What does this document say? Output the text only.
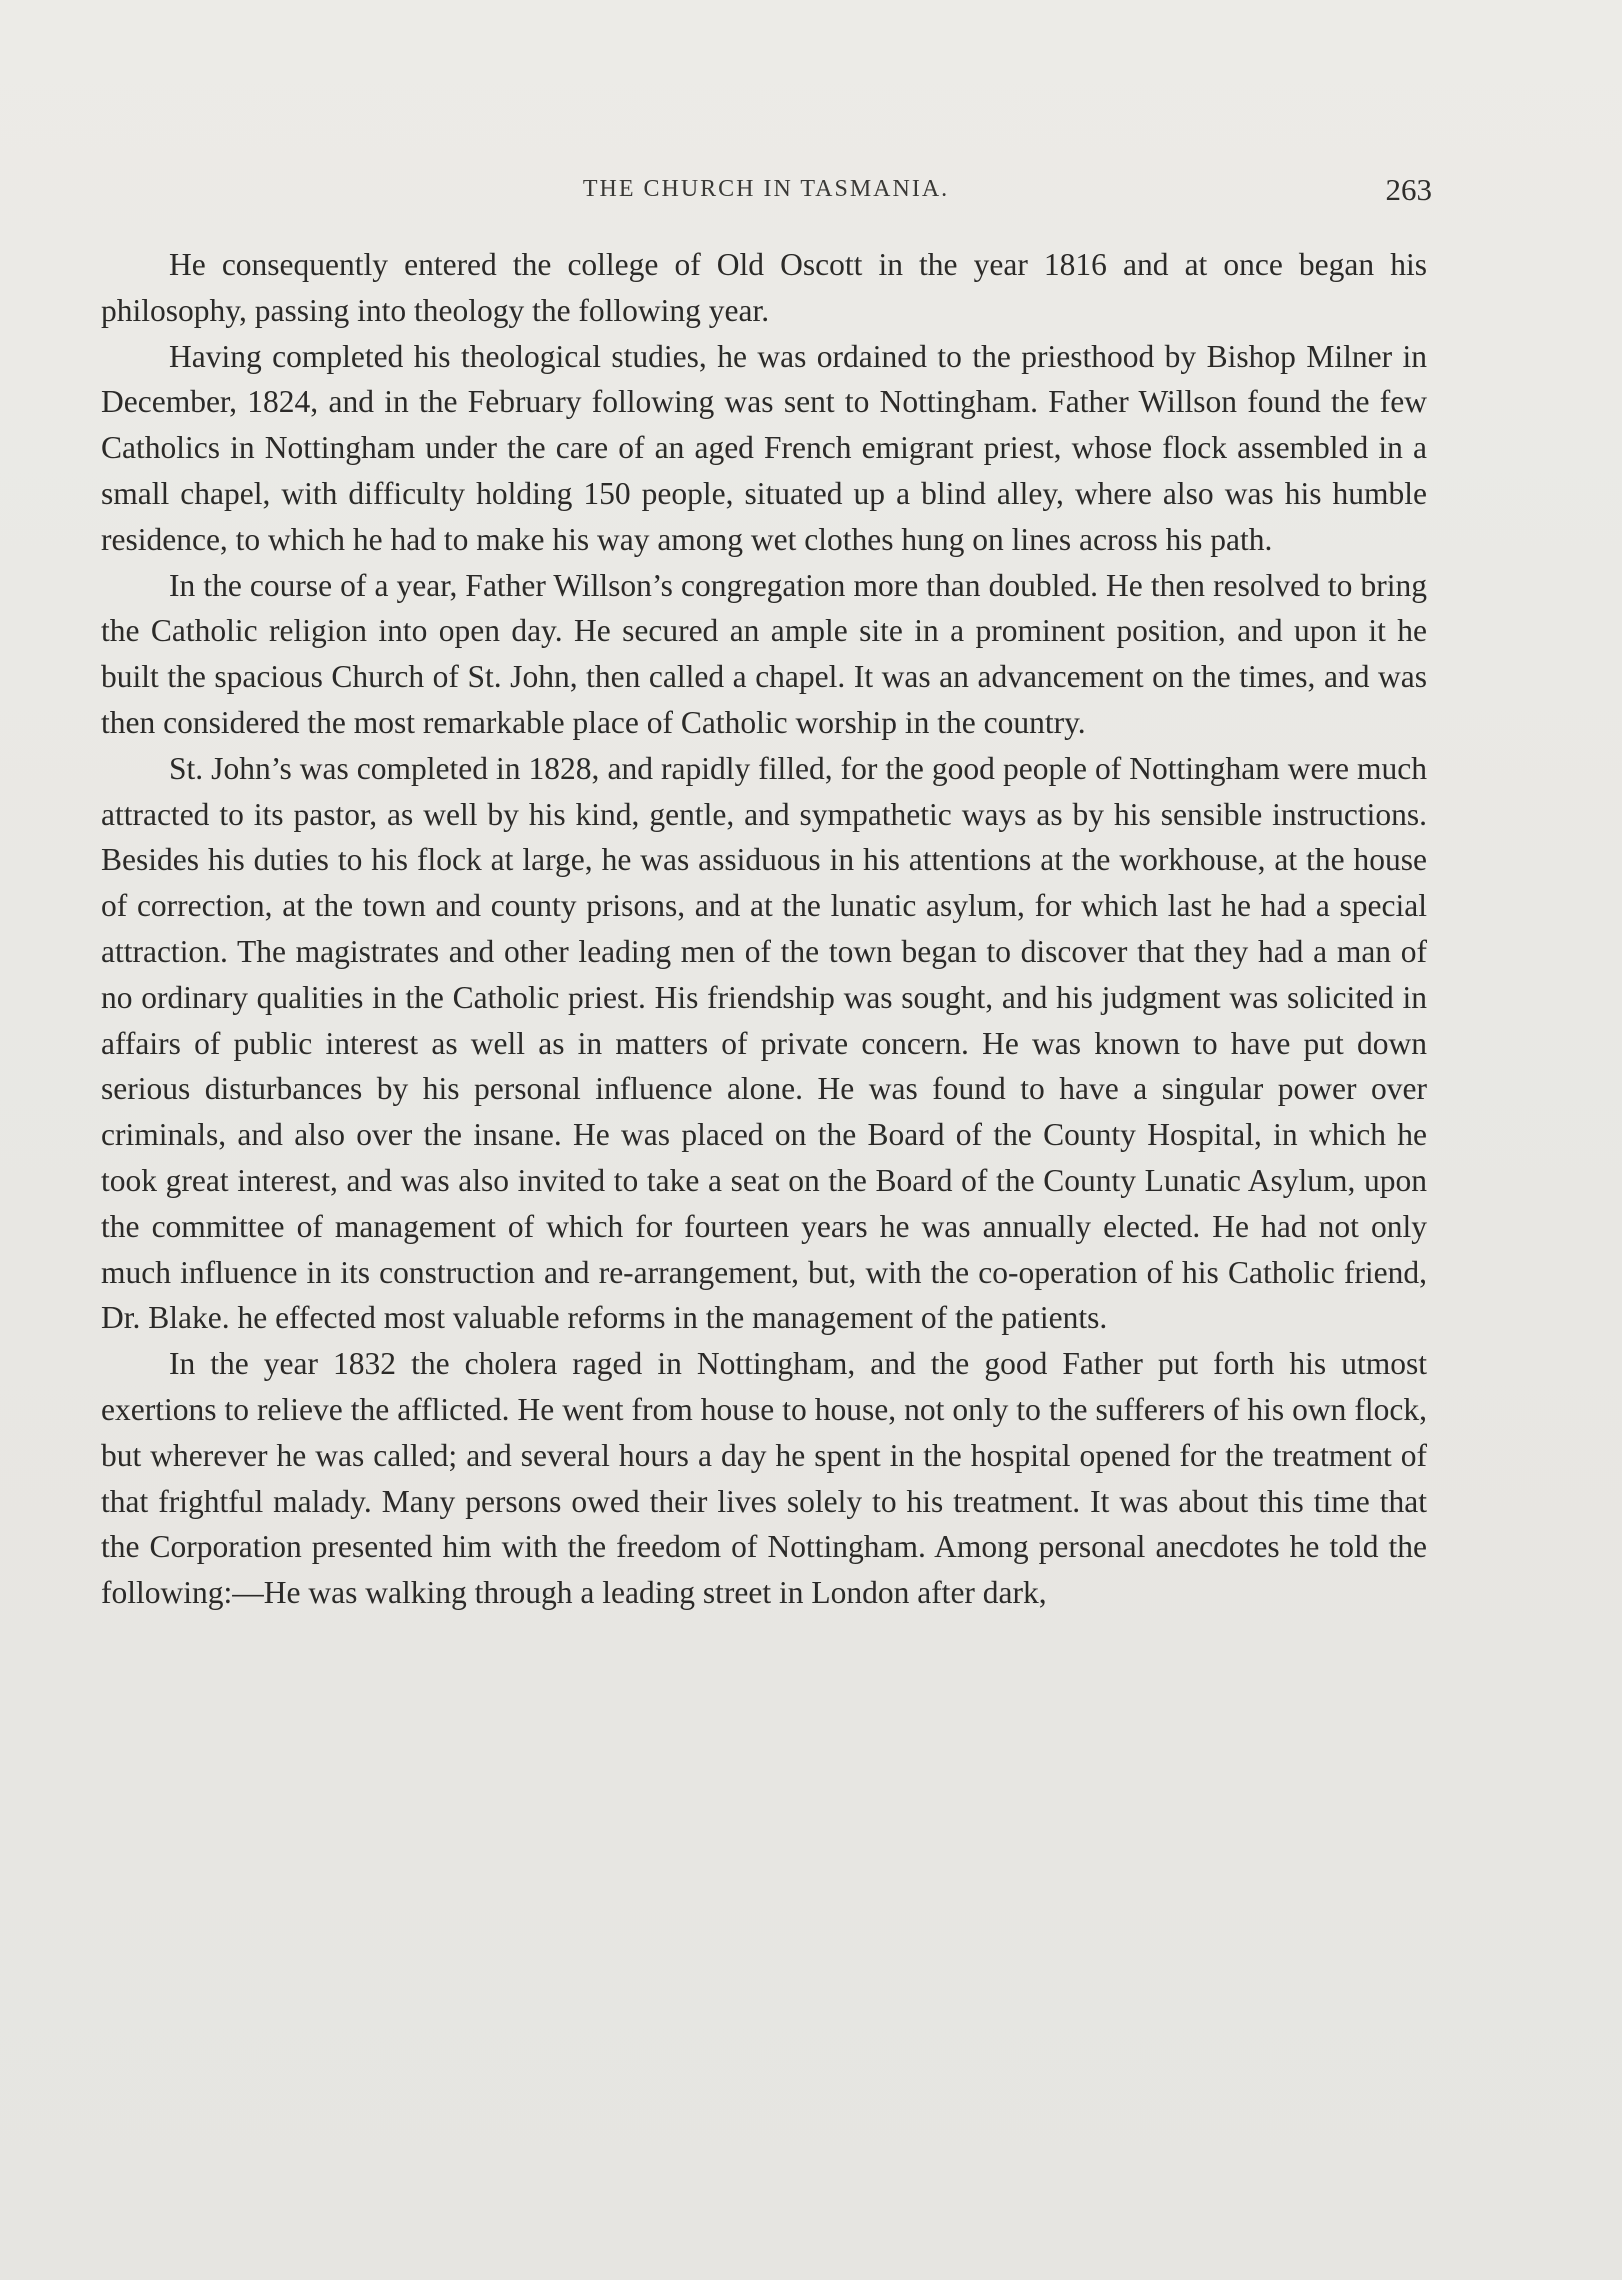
THE CHURCH IN TASMANIA.	263

He consequently entered the college of Old Oscott in the year 1816 and at once began his philosophy, passing into theology the following year.

Having completed his theological studies, he was ordained to the priesthood by Bishop Milner in December, 1824, and in the February following was sent to Nottingham. Father Willson found the few Catholics in Nottingham under the care of an aged French emigrant priest, whose flock assembled in a small chapel, with difficulty holding 150 people, situated up a blind alley, where also was his humble residence, to which he had to make his way among wet clothes hung on lines across his path.

In the course of a year, Father Willson’s congregation more than doubled. He then resolved to bring the Catholic religion into open day. He secured an ample site in a prominent position, and upon it he built the spacious Church of St. John, then called a chapel. It was an advancement on the times, and was then considered the most remarkable place of Catholic worship in the country.

St. John’s was completed in 1828, and rapidly filled, for the good people of Nottingham were much attracted to its pastor, as well by his kind, gentle, and sympathetic ways as by his sensible instructions. Besides his duties to his flock at large, he was assiduous in his attentions at the workhouse, at the house of correction, at the town and county prisons, and at the lunatic asylum, for which last he had a special attraction. The magistrates and other leading men of the town began to discover that they had a man of no ordinary qualities in the Catholic priest. His friendship was sought, and his judgment was solicited in affairs of public interest as well as in matters of private concern. He was known to have put down serious disturbances by his personal influence alone. He was found to have a singular power over criminals, and also over the insane. He was placed on the Board of the County Hospital, in which he took great interest, and was also invited to take a seat on the Board of the County Lunatic Asylum, upon the committee of management of which for fourteen years he was annually elected. He had not only much influence in its construction and re-arrangement, but, with the co-operation of his Catholic friend, Dr. Blake. he effected most valuable reforms in the management of the patients.

In the year 1832 the cholera raged in Nottingham, and the good Father put forth his utmost exertions to relieve the afflicted. He went from house to house, not only to the sufferers of his own flock, but wherever he was called; and several hours a day he spent in the hospital opened for the treatment of that frightful malady. Many persons owed their lives solely to his treatment. It was about this time that the Corporation presented him with the freedom of Nottingham. Among personal anecdotes he told the following:—He was walking through a leading street in London after dark,
